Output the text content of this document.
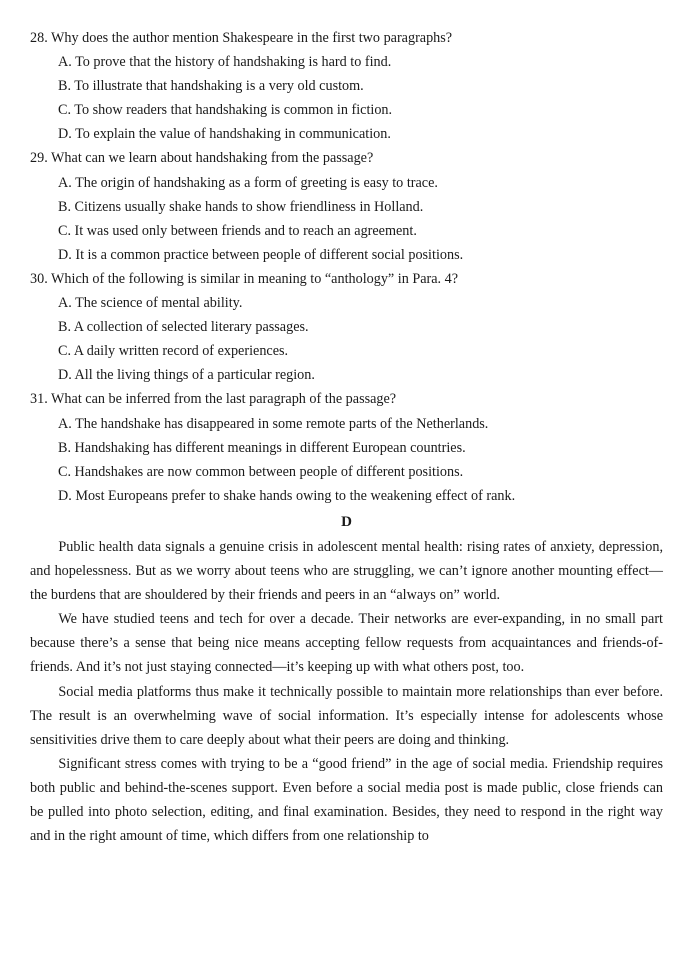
28. Why does the author mention Shakespeare in the first two paragraphs?
A. To prove that the history of handshaking is hard to find.
B. To illustrate that handshaking is a very old custom.
C. To show readers that handshaking is common in fiction.
D. To explain the value of handshaking in communication.
29. What can we learn about handshaking from the passage?
A. The origin of handshaking as a form of greeting is easy to trace.
B. Citizens usually shake hands to show friendliness in Holland.
C. It was used only between friends and to reach an agreement.
D. It is a common practice between people of different social positions.
30. Which of the following is similar in meaning to “anthology” in Para. 4?
A. The science of mental ability.
B. A collection of selected literary passages.
C. A daily written record of experiences.
D. All the living things of a particular region.
31. What can be inferred from the last paragraph of the passage?
A. The handshake has disappeared in some remote parts of the Netherlands.
B. Handshaking has different meanings in different European countries.
C. Handshakes are now common between people of different positions.
D. Most Europeans prefer to shake hands owing to the weakening effect of rank.
D

Public health data signals a genuine crisis in adolescent mental health: rising rates of anxiety, depression, and hopelessness. But as we worry about teens who are struggling, we can’t ignore another mounting effect—the burdens that are shouldered by their friends and peers in an “always on” world.

We have studied teens and tech for over a decade. Their networks are ever-expanding, in no small part because there’s a sense that being nice means accepting fellow requests from acquaintances and friends-of-friends. And it’s not just staying connected—it’s keeping up with what others post, too.

Social media platforms thus make it technically possible to maintain more relationships than ever before. The result is an overwhelming wave of social information. It’s especially intense for adolescents whose sensitivities drive them to care deeply about what their peers are doing and thinking.

Significant stress comes with trying to be a “good friend” in the age of social media. Friendship requires both public and behind-the-scenes support. Even before a social media post is made public, close friends can be pulled into photo selection, editing, and final examination. Besides, they need to respond in the right way and in the right amount of time, which differs from one relationship to
